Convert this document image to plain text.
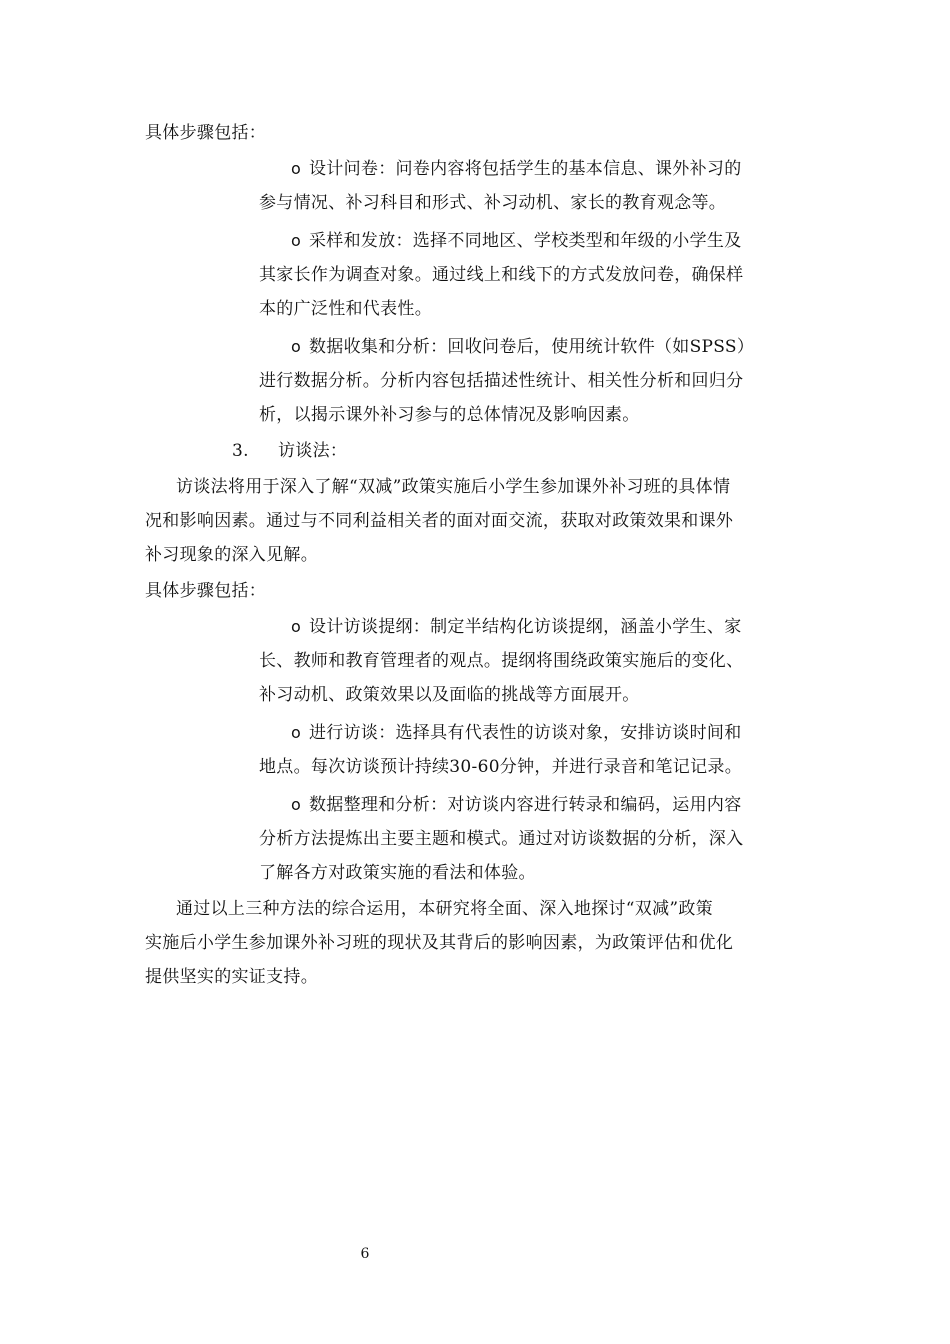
具体步骤包括：
o 设计问卷：问卷内容将包括学生的基本信息、课外补习的
参与情况、补习科目和形式、补习动机、家长的教育观念等。
o 采样和发放：选择不同地区、学校类型和年级的小学生及
其家长作为调查对象。通过线上和线下的方式发放问卷，确保样
本的广泛性和代表性。
o 数据收集和分析：回收问卷后，使用统计软件（如SPSS）
进行数据分析。分析内容包括描述性统计、相关性分析和回归分
析，以揭示课外补习参与的总体情况及影响因素。
3. 访谈法：
访谈法将用于深入了解“双减”政策实施后小学生参加课外补习班的具体情
况和影响因素。通过与不同利益相关者的面对面交流，获取对政策效果和课外
补习现象的深入见解。
具体步骤包括：
o 设计访谈提纲：制定半结构化访谈提纲，涵盖小学生、家
长、教师和教育管理者的观点。提纲将围绕政策实施后的变化、
补习动机、政策效果以及面临的挑战等方面展开。
o 进行访谈：选择具有代表性的访谈对象，安排访谈时间和
地点。每次访谈预计持续30-60分钟，并进行录音和笔记记录。
o 数据整理和分析：对访谈内容进行转录和编码，运用内容
分析方法提炼出主要主题和模式。通过对访谈数据的分析，深入
了解各方对政策实施的看法和体验。
通过以上三种方法的综合运用，本研究将全面、深入地探讨“双减”政策
实施后小学生参加课外补习班的现状及其背后的影响因素，为政策评估和优化
提供坚实的实证支持。
6
